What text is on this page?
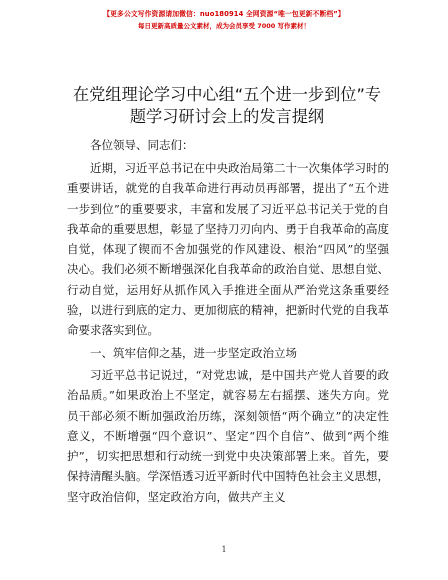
【更多公文写作资源请加微信：nuo180914 全网资源“唯一包更新不断档”】
每日更新高质量公文素材，成为会员享受 7000 写作素材！
在党组理论学习中心组“五个进一步到位”专
题学习研讨会上的发言提纲
各位领导、同志们：

近期，习近平总书记在中央政治局第二十一次集体学习时的重要讲话，就党的自我革命进行再动员再部署，提出了“五个进一步到位”的重要要求，丰富和发展了习近平总书记关于党的自我革命的重要思想，彰显了坚持刀刃向内、勇于自我革命的高度自觉，体现了锲而不舍加强党的作风建设、根治“四风”的坚强决心。我们必须不断增强深化自我革命的政治自觉、思想自觉、行动自觉，运用好从抓作风入手推进全面从严治党这条重要经验，以进行到底的定力、更加彻底的精神，把新时代党的自我革命要求落实到位。

一、筑牢信仰之基，进一步坚定政治立场

习近平总书记说过，“对党忠诚，是中国共产党人首要的政治品质。”如果政治上不坚定，就容易左右摇摆、迷失方向。党员干部必须不断加强政治历练，深刻领悟“两个确立”的决定性意义，不断增强“四个意识”、坚定“四个自信”、做到“两个维护”，切实把思想和行动统一到党中央决策部署上来。首先，要保持清醒头脑。学深悟透习近平新时代中国特色社会主义思想，坚守政治信仰，坚定政治方向，做共产主义

1
